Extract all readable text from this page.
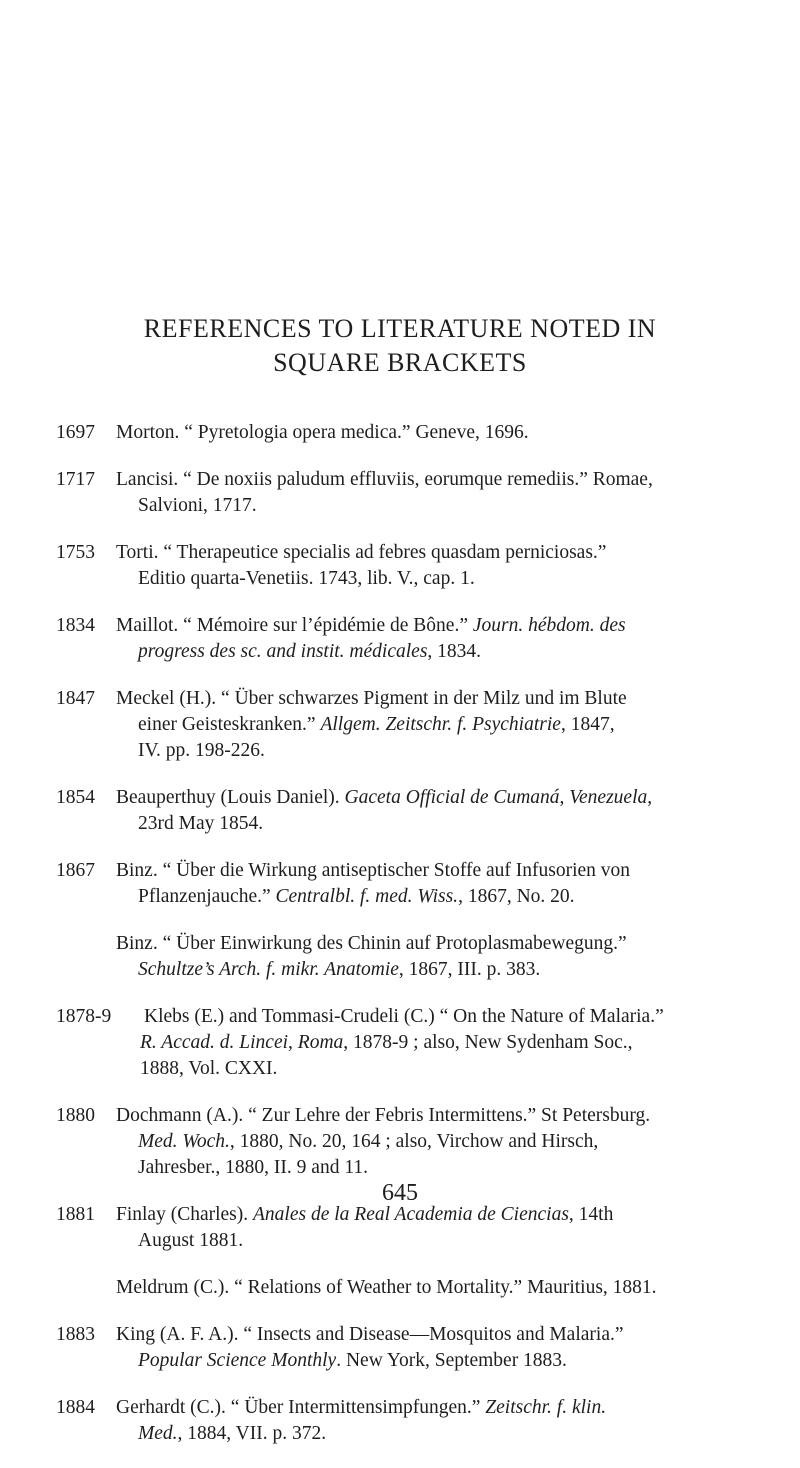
REFERENCES TO LITERATURE NOTED IN
SQUARE BRACKETS
1697	Morton. “ Pyretologia opera medica.” Geneve, 1696.
1717	Lancisi. “ De noxiis paludum effluviis, eorumque remediis.” Romae,
Salvioni, 1717.
1753	Torti. “ Therapeutice specialis ad febres quasdam perniciosas.”
Editio quarta-Venetiis. 1743, lib. V., cap. 1.
1834	Maillot. “ Mémoire sur l’épidémie de Bône.” Journ. hébdom. des
progress des sc. and instit. médicales, 1834.
1847	Meckel (H.). “ Über schwarzes Pigment in der Milz und im Blute
einer Geisteskranken.” Allgem. Zeitschr. f. Psychiatrie, 1847,
IV. pp. 198-226.
1854	Beauperthuy (Louis Daniel). Gaceta Official de Cumaná, Venezuela,
23rd May 1854.
1867	Binz. “ Über die Wirkung antiseptischer Stoffe auf Infusorien von
Pflanzenjauche.” Centralbl. f. med. Wiss., 1867, No. 20.
Binz. “ Über Einwirkung des Chinin auf Protoplasmabewegung.”
Schultze’s Arch. f. mikr. Anatomie, 1867, III. p. 383.
1878-9 Klebs (E.) and Tommasi-Crudeli (C.) “ On the Nature of Malaria.”
R. Accad. d. Lincei, Roma, 1878-9 ; also, New Sydenham Soc.,
1888, Vol. CXXI.
1880	Dochmann (A.). “ Zur Lehre der Febris Intermittens.” St Petersburg.
Med. Woch., 1880, No. 20, 164 ; also, Virchow and Hirsch,
Jahresber., 1880, II. 9 and 11.
1881	Finlay (Charles). Anales de la Real Academia de Ciencias, 14th
August 1881.
Meldrum (C.). “ Relations of Weather to Mortality.” Mauritius, 1881.
1883	King (A. F. A.). “ Insects and Disease—Mosquitos and Malaria.”
Popular Science Monthly. New York, September 1883.
1884	Gerhardt (C.). “ Über Intermittensimpfungen.” Zeitschr. f. klin.
Med., 1884, VII. p. 372.
645
